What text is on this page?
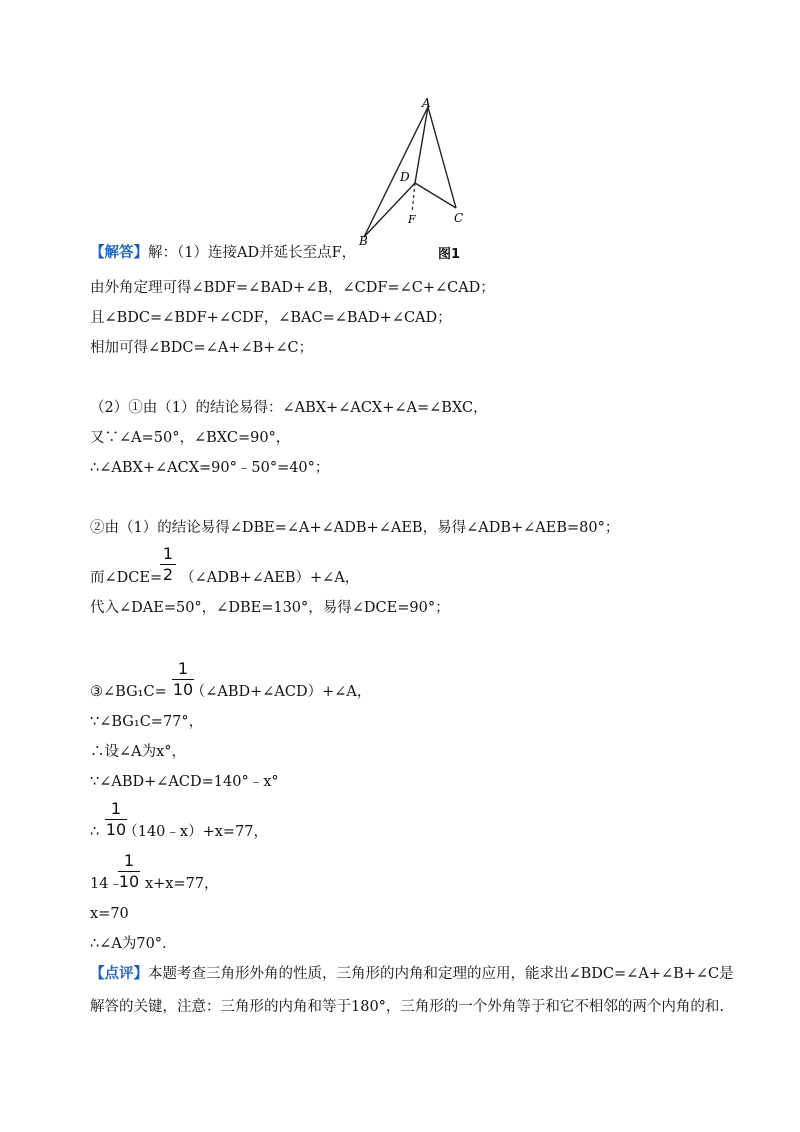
A
B
C
D
F
图1
【解答】解：（1）连接AD并延长至点F，
由外角定理可得∠BDF=∠BAD+∠B，∠CDF=∠C+∠CAD；
且∠BDC=∠BDF+∠CDF，∠BAC=∠BAD+∠CAD；
相加可得∠BDC=∠A+∠B+∠C；
（2）①由（1）的结论易得：∠ABX+∠ACX+∠A=∠BXC，
又∵∠A=50°，∠BXC=90°，
∴∠ABX+∠ACX=90°﹣50°=40°；
②由（1）的结论易得∠DBE=∠A+∠ADB+∠AEB，易得∠ADB+∠AEB=80°；
1
2
而∠DCE= （∠ADB+∠AEB）+∠A，
代入∠DAE=50°，∠DBE=130°，易得∠DCE=90°；
1
10
③∠BG₁C= （∠ABD+∠ACD）+∠A，
∵∠BG₁C=77°，
∴设∠A为x°，
∵∠ABD+∠ACD=140°﹣x°
1
10
∴ （140﹣x）+x=77，
1
10
14﹣ x+x=77，
x=70
∴∠A为70°.
【点评】本题考查三角形外角的性质，三角形的内角和定理的应用，能求出∠BDC=∠A+∠B+∠C是
解答的关键，注意：三角形的内角和等于180°，三角形的一个外角等于和它不相邻的两个内角的和.
